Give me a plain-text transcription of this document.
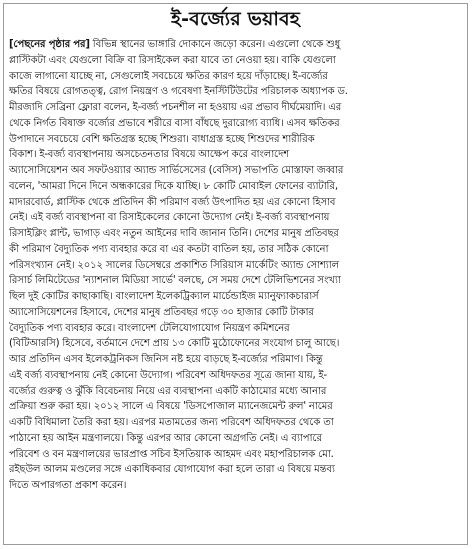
ই-বর্জ্যের ভয়াবহ
[পেছনের পৃষ্ঠার পর] বিভিন্ন স্থানের ভাঙ্গারি দোকানে জড়ো করেন। এগুলো থেকে শুধু
প্লাস্টিকটা এবং যেগুলো বিক্রি বা রিসাইকেল করা যাবে তা নেওয়া হয়। বাকি যেগুলো
কাজে লাগানো যাচ্ছে না, সেগুলোই সবচেয়ে ক্ষতির কারণ হয়ে দাঁড়াচ্ছে। ই-বর্জ্যের
ক্ষতির বিষয়ে রোগতত্ত্ব, রোগ নিয়ন্ত্রণ ও গবেষণা ইনস্টিটিউটের পরিচালক অধ্যাপক ড.
মীরজাদি সেব্রিনা ফ্লোরা বলেন, ই-বর্জ্য পচনশীল না হওয়ায় এর প্রভাব দীর্ঘমেয়াদি। এর
থেকে নির্গত বিষাক্ত বর্জ্যের প্রভাবে শরীরে বাসা বাঁধছে দুরারোগ্য ব্যাধি। এসব ক্ষতিকর
উপাদানে সবচেয়ে বেশি ক্ষতিগ্রস্ত হচ্ছে শিশুরা। বাধাগ্রস্ত হচ্ছে শিশুদের শারীরিক
বিকাশ। ই-বর্জ্য ব্যবস্থাপনায় অসচেতনতার বিষয়ে আক্ষেপ করে বাংলাদেশ
অ্যাসোসিয়েশন অব সফটওয়্যার অ্যান্ড সার্ভিসেসের (বেসিস) সভাপতি মোস্তাফা জব্বার
বলেন, 'আমরা দিনে দিনে অন্ধকারের দিকে যাচ্ছি। ৮ কোটি মোবাইল ফোনের ব্যাটারি,
মাদারবোর্ড, প্লাস্টিক থেকে প্রতিদিন কী পরিমাণ বর্জ্য উৎপাদিত হয় এর কোনো হিসাব
নেই। এই বর্জ্য ব্যবস্থাপনা বা রিসাইকেলের কোনো উদ্যোগ নেই। ই-বর্জ্য ব্যবস্থাপনায়
রিসাইক্লিং প্লান্ট, ভাগাড় এবং নতুন আইনের দাবি জানান তিনি। দেশের মানুষ প্রতিবছর
কী পরিমাণ বৈদ্যুতিক পণ্য ব্যবহার করে বা এর কতটা বাতিল হয়, তার সঠিক কোনো
পরিসংখ্যান নেই। ২০১২ সালের ডিসেম্বরে প্রকাশিত সিরিয়াস মার্কেটিং অ্যান্ড সোশ্যাল
রিসার্চ লিমিটেডের 'ন্যাশনাল মিডিয়া সার্ভে' বলছে, সে সময় দেশে টেলিভিশনের সংখ্যা
ছিল দুই কোটির কাছাকাছি। বাংলাদেশ ইলেকট্রিক্যাল মার্চেন্ডাইজ ম্যানুফ্যাকচারার্স
অ্যাসোসিয়েশনের হিসাবে, দেশের মানুষ প্রতিবছর গড়ে ৩০ হাজার কোটি টাকার
বৈদ্যুতিক পণ্য ব্যবহার করে। বাংলাদেশ টেলিযোগাযোগ নিয়ন্ত্রণ কমিশনের
(বিটিআরসি) হিসেবে, বর্তমানে দেশে প্রায় ১৩ কোটি মুঠোফোনের সংযোগ চালু আছে।
আর প্রতিদিন এসব ইলেকট্রনিকস জিনিস নষ্ট হয়ে বাড়ছে ই-বর্জ্যের পরিমাণ। কিন্তু
এই বর্জ্য ব্যবস্থাপনায় নেই কোনো উদ্যোগ। পরিবেশ অধিদফতর সূত্রে জানা যায়, ই-
বর্জ্যের গুরুত্ব ও ঝুঁকি বিবেচনায় নিয়ে এর ব্যবস্থাপনা একটি কাঠামোর মধ্যে আনার
প্রক্রিয়া শুরু করা হয়। ২০১২ সালে এ বিষয়ে 'ডিসপোজাল ম্যানেজমেন্ট রুল' নামের
একটি বিধিমালা তৈরি করা হয়। এরপর মতামতের জন্য পরিবেশ অধিদফতর থেকে তা
পাঠানো হয় আইন মন্ত্রণালয়ে। কিন্তু এরপর আর কোনো অগ্রগতি নেই। এ ব্যাপারে
পরিবেশ ও বন মন্ত্রণালয়ের ভারপ্রাপ্ত সচিব ইসতিয়াক আহমদ এবং মহাপরিচালক মো.
রইছউল আলম মণ্ডলের সঙ্গে একাধিকবার যোগাযোগ করা হলে তারা এ বিষয়ে মন্তব্য
দিতে অপারগতা প্রকাশ করেন।
